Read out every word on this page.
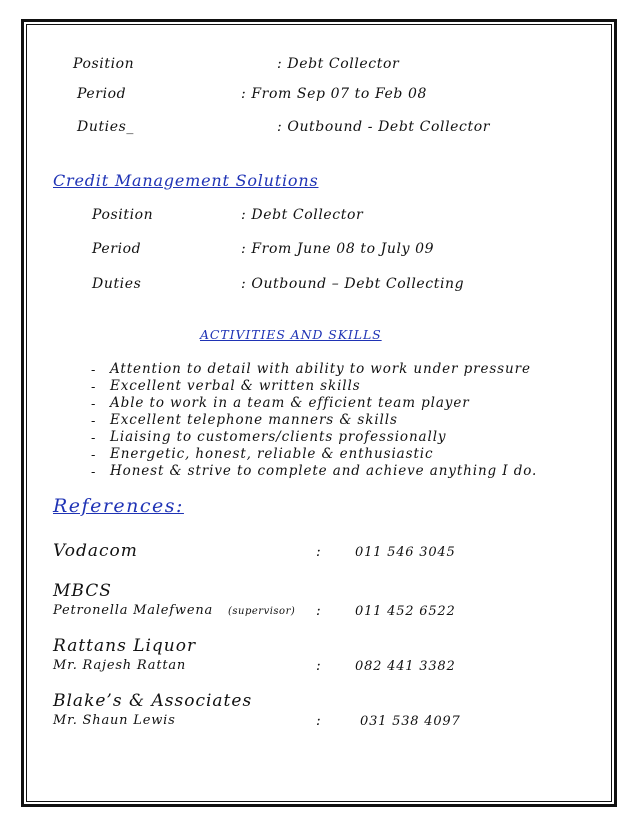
Position	: Debt Collector
Period	: From Sep 07 to Feb 08
Duties_	: Outbound - Debt Collector
Credit Management Solutions
Position	: Debt Collector
Period	: From June 08 to July 09
Duties	: Outbound – Debt Collecting
ACTIVITIES AND SKILLS
- Attention to detail with ability to work under pressure
- Excellent verbal & written skills
- Able to work in a team & efficient team player
- Excellent telephone manners & skills
- Liaising to customers/clients professionally
- Energetic, honest, reliable & enthusiastic
- Honest & strive to complete and achieve anything I do.
References:
Vodacom	:	011 546 3045
MBCS
Petronella Malefwena (supervisor) :	011 452 6522
Rattans Liquor
Mr. Rajesh Rattan	:	082 441 3382
Blake’s & Associates
Mr. Shaun Lewis	:	031 538 4097
